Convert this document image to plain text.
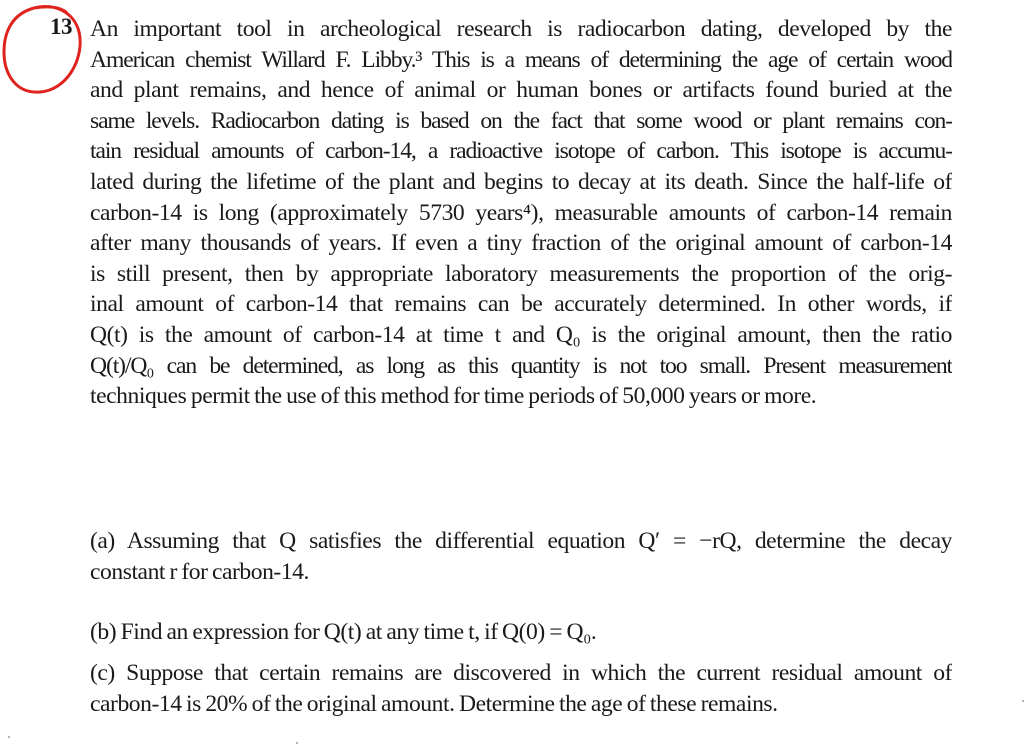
13 An important tool in archeological research is radiocarbon dating, developed by the
American chemist Willard F. Libby.³ This is a means of determining the age of certain wood
and plant remains, and hence of animal or human bones or artifacts found buried at the
same levels. Radiocarbon dating is based on the fact that some wood or plant remains con-
tain residual amounts of carbon-14, a radioactive isotope of carbon. This isotope is accumu-
lated during the lifetime of the plant and begins to decay at its death. Since the half-life of
carbon-14 is long (approximately 5730 years⁴), measurable amounts of carbon-14 remain
after many thousands of years. If even a tiny fraction of the original amount of carbon-14
is still present, then by appropriate laboratory measurements the proportion of the orig-
inal amount of carbon-14 that remains can be accurately determined. In other words, if
Q(t) is the amount of carbon-14 at time t and Q₀ is the original amount, then the ratio
Q(t)/Q₀ can be determined, as long as this quantity is not too small. Present measurement
techniques permit the use of this method for time periods of 50,000 years or more.
(a) Assuming that Q satisfies the differential equation Q′ = −rQ, determine the decay
constant r for carbon-14.
(b) Find an expression for Q(t) at any time t, if Q(0) = Q₀.
(c) Suppose that certain remains are discovered in which the current residual amount of
carbon-14 is 20% of the original amount. Determine the age of these remains.
